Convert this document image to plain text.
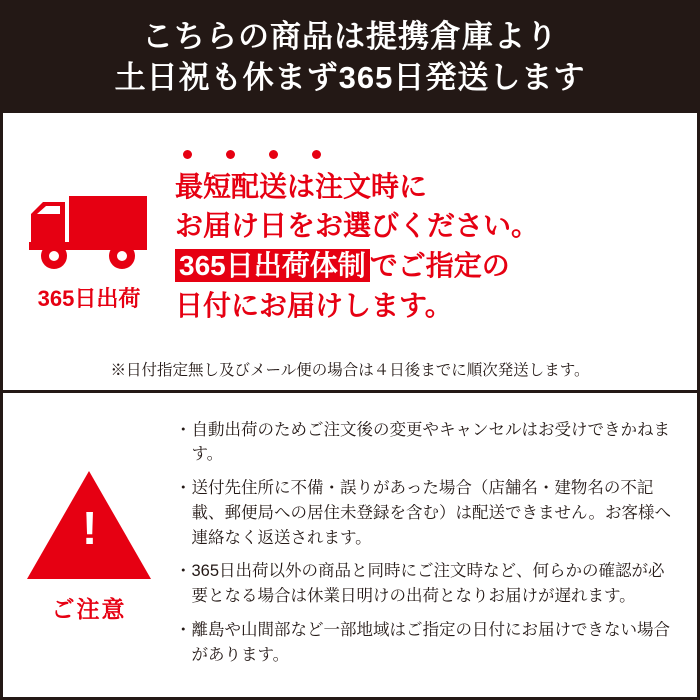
こちらの商品は提携倉庫より
土日祝も休まず365日発送します
365日出荷
最短配送は注文時に
お届け日をお選びください。
365日出荷体制 でご指定の
日付にお届けします。
※日付指定無し及びメール便の場合は４日後までに順次発送します。
!
ご注意
・ 自動出荷のためご注文後の変更やキャンセルはお受けできかねます。
・ 送付先住所に不備・誤りがあった場合（店舗名・建物名の不記載、郵便局への居住未登録を含む）は配送できません。お客様へ連絡なく返送されます。
・ 365日出荷以外の商品と同時にご注文時など、何らかの確認が必要となる場合は休業日明けの出荷となりお届けが遅れます。
・ 離島や山間部など一部地域はご指定の日付にお届けできない場合があります。
